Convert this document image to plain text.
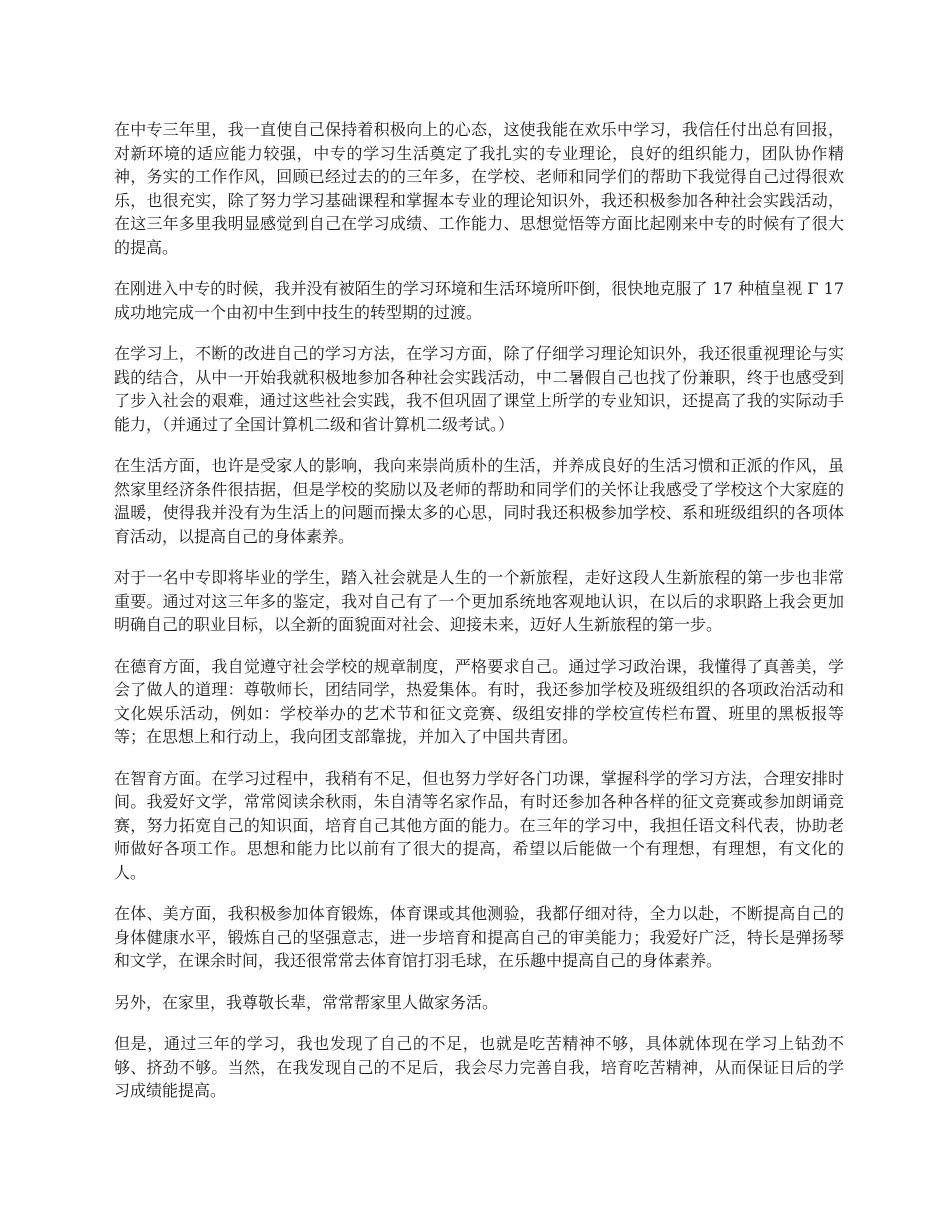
在中专三年里，我一直使自己保持着积极向上的心态，这使我能在欢乐中学习，我信任付出总有回报，对新环境的适应能力较强，中专的学习生活奠定了我扎实的专业理论，良好的组织能力，团队协作精神，务实的工作作风，回顾已经过去的的三年多，在学校、老师和同学们的帮助下我觉得自己过得很欢乐，也很充实，除了努力学习基础课程和掌握本专业的理论知识外，我还积极参加各种社会实践活动，在这三年多里我明显感觉到自己在学习成绩、工作能力、思想觉悟等方面比起刚来中专的时候有了很大的提高。

在刚进入中专的时候，我并没有被陌生的学习环境和生活环境所吓倒，很快地克服了 17 种植皇视 Γ 17 成功地完成一个由初中生到中技生的转型期的过渡。

在学习上，不断的改进自己的学习方法，在学习方面，除了仔细学习理论知识外，我还很重视理论与实践的结合，从中一开始我就积极地参加各种社会实践活动，中二暑假自己也找了份兼职，终于也感受到了步入社会的艰难，通过这些社会实践，我不但巩固了课堂上所学的专业知识，还提高了我的实际动手能力，（并通过了全国计算机二级和省计算机二级考试。）

在生活方面，也许是受家人的影响，我向来崇尚质朴的生活，并养成良好的生活习惯和正派的作风，虽然家里经济条件很拮据，但是学校的奖励以及老师的帮助和同学们的关怀让我感受了学校这个大家庭的温暖，使得我并没有为生活上的问题而操太多的心思，同时我还积极参加学校、系和班级组织的各项体育活动，以提高自己的身体素养。

对于一名中专即将毕业的学生，踏入社会就是人生的一个新旅程，走好这段人生新旅程的第一步也非常重要。通过对这三年多的鉴定，我对自己有了一个更加系统地客观地认识，在以后的求职路上我会更加明确自己的职业目标，以全新的面貌面对社会、迎接未来，迈好人生新旅程的第一步。

在德育方面，我自觉遵守社会学校的规章制度，严格要求自己。通过学习政治课，我懂得了真善美，学会了做人的道理：尊敬师长，团结同学，热爱集体。有时，我还参加学校及班级组织的各项政治活动和文化娱乐活动，例如：学校举办的艺术节和征文竞赛、级组安排的学校宣传栏布置、班里的黑板报等等；在思想上和行动上，我向团支部靠拢，并加入了中国共青团。

在智育方面。在学习过程中，我稍有不足，但也努力学好各门功课，掌握科学的学习方法，合理安排时间。我爱好文学，常常阅读余秋雨，朱自清等名家作品，有时还参加各种各样的征文竞赛或参加朗诵竞赛，努力拓宽自己的知识面，培育自己其他方面的能力。在三年的学习中，我担任语文科代表，协助老师做好各项工作。思想和能力比以前有了很大的提高，希望以后能做一个有理想，有理想，有文化的人。

在体、美方面，我积极参加体育锻炼，体育课或其他测验，我都仔细对待，全力以赴，不断提高自己的身体健康水平，锻炼自己的坚强意志，进一步培育和提高自己的审美能力；我爱好广泛，特长是弹扬琴和文学，在课余时间，我还很常常去体育馆打羽毛球，在乐趣中提高自己的身体素养。

另外，在家里，我尊敬长辈，常常帮家里人做家务活。

但是，通过三年的学习，我也发现了自己的不足，也就是吃苦精神不够，具体就体现在学习上钻劲不够、挤劲不够。当然，在我发现自己的不足后，我会尽力完善自我，培育吃苦精神，从而保证日后的学习成绩能提高。
